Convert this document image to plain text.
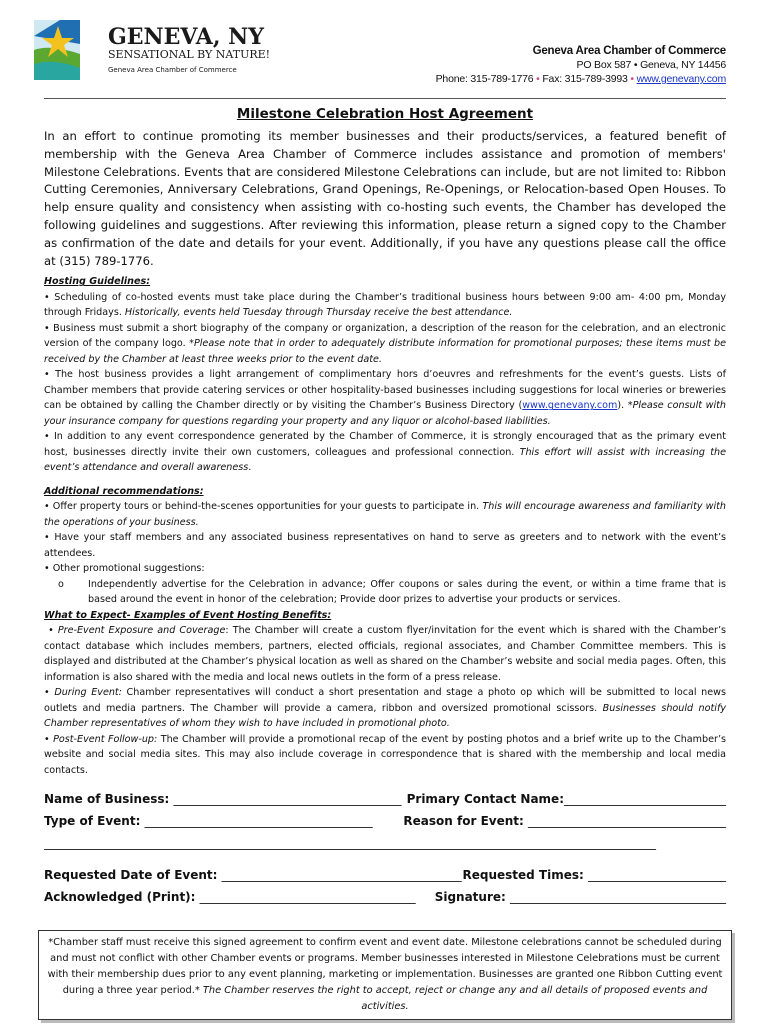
GENEVA, NY
SENSATIONAL BY NATURE!
Geneva Area Chamber of Commerce
Geneva Area Chamber of Commerce
PO Box 587 • Geneva, NY 14456
Phone: 315-789-1776 • Fax: 315-789-3993 • www.genevany.com
Milestone Celebration Host Agreement

In an effort to continue promoting its member businesses and their products/services, a featured benefit of membership with the Geneva Area Chamber of Commerce includes assistance and promotion of members' Milestone Celebrations. Events that are considered Milestone Celebrations can include, but are not limited to: Ribbon Cutting Ceremonies, Anniversary Celebrations, Grand Openings, Re-Openings, or Relocation-based Open Houses. To help ensure quality and consistency when assisting with co-hosting such events, the Chamber has developed the following guidelines and suggestions. After reviewing this information, please return a signed copy to the Chamber as confirmation of the date and details for your event. Additionally, if you have any questions please call the office at (315) 789-1776.

Hosting Guidelines:

• Scheduling of co-hosted events must take place during the Chamber’s traditional business hours between 9:00 am- 4:00 pm, Monday through Fridays. Historically, events held Tuesday through Thursday receive the best attendance.

• Business must submit a short biography of the company or organization, a description of the reason for the celebration, and an electronic version of the company logo. *Please note that in order to adequately distribute information for promotional purposes; these items must be received by the Chamber at least three weeks prior to the event date.

• The host business provides a light arrangement of complimentary hors d’oeuvres and refreshments for the event’s guests. Lists of Chamber members that provide catering services or other hospitality-based businesses including suggestions for local wineries or breweries can be obtained by calling the Chamber directly or by visiting the Chamber’s Business Directory (www.genevany.com). *Please consult with your insurance company for questions regarding your property and any liquor or alcohol-based liabilities.

• In addition to any event correspondence generated by the Chamber of Commerce, it is strongly encouraged that as the primary event host, businesses directly invite their own customers, colleagues and professional connection. This effort will assist with increasing the event’s attendance and overall awareness.

Additional recommendations:

• Offer property tours or behind-the-scenes opportunities for your guests to participate in. This will encourage awareness and familiarity with the operations of your business.

• Have your staff members and any associated business representatives on hand to serve as greeters and to network with the event’s attendees.

• Other promotional suggestions:

o	Independently advertise for the Celebration in advance; Offer coupons or sales during the event, or within a time frame that is based around the event in honor of the celebration; Provide door prizes to advertise your products or services.

What to Expect- Examples of Event Hosting Benefits:

• Pre-Event Exposure and Coverage: The Chamber will create a custom flyer/invitation for the event which is shared with the Chamber’s contact database which includes members, partners, elected officials, regional associates, and Chamber Committee members. This is displayed and distributed at the Chamber’s physical location as well as shared on the Chamber’s website and social media pages. Often, this information is also shared with the media and local news outlets in the form of a press release.

• During Event: Chamber representatives will conduct a short presentation and stage a photo op which will be submitted to local news outlets and media partners. The Chamber will provide a camera, ribbon and oversized promotional scissors. Businesses should notify Chamber representatives of whom they wish to have included in promotional photo.

• Post-Event Follow-up: The Chamber will provide a promotional recap of the event by posting photos and a brief write up to the Chamber’s website and social media sites. This may also include coverage in correspondence that is shared with the membership and local media contacts.

Name of Business: ______________________________________ Primary Contact Name:___________________________
Type of Event: ______________________________________	Reason for Event: _________________________________
______________________________________________________________________________________________________
Requested Date of Event: ________________________________________ Requested Times: _______________________
Acknowledged (Print): ____________________________________ Signature: ____________________________________
*Chamber staff must receive this signed agreement to confirm event and event date. Milestone celebrations cannot be scheduled during and must not conflict with other Chamber events or programs. Member businesses interested in Milestone Celebrations must be current with their membership dues prior to any event planning, marketing or implementation. Businesses are granted one Ribbon Cutting event during a three year period.* The Chamber reserves the right to accept, reject or change any and all details of proposed events and activities.
